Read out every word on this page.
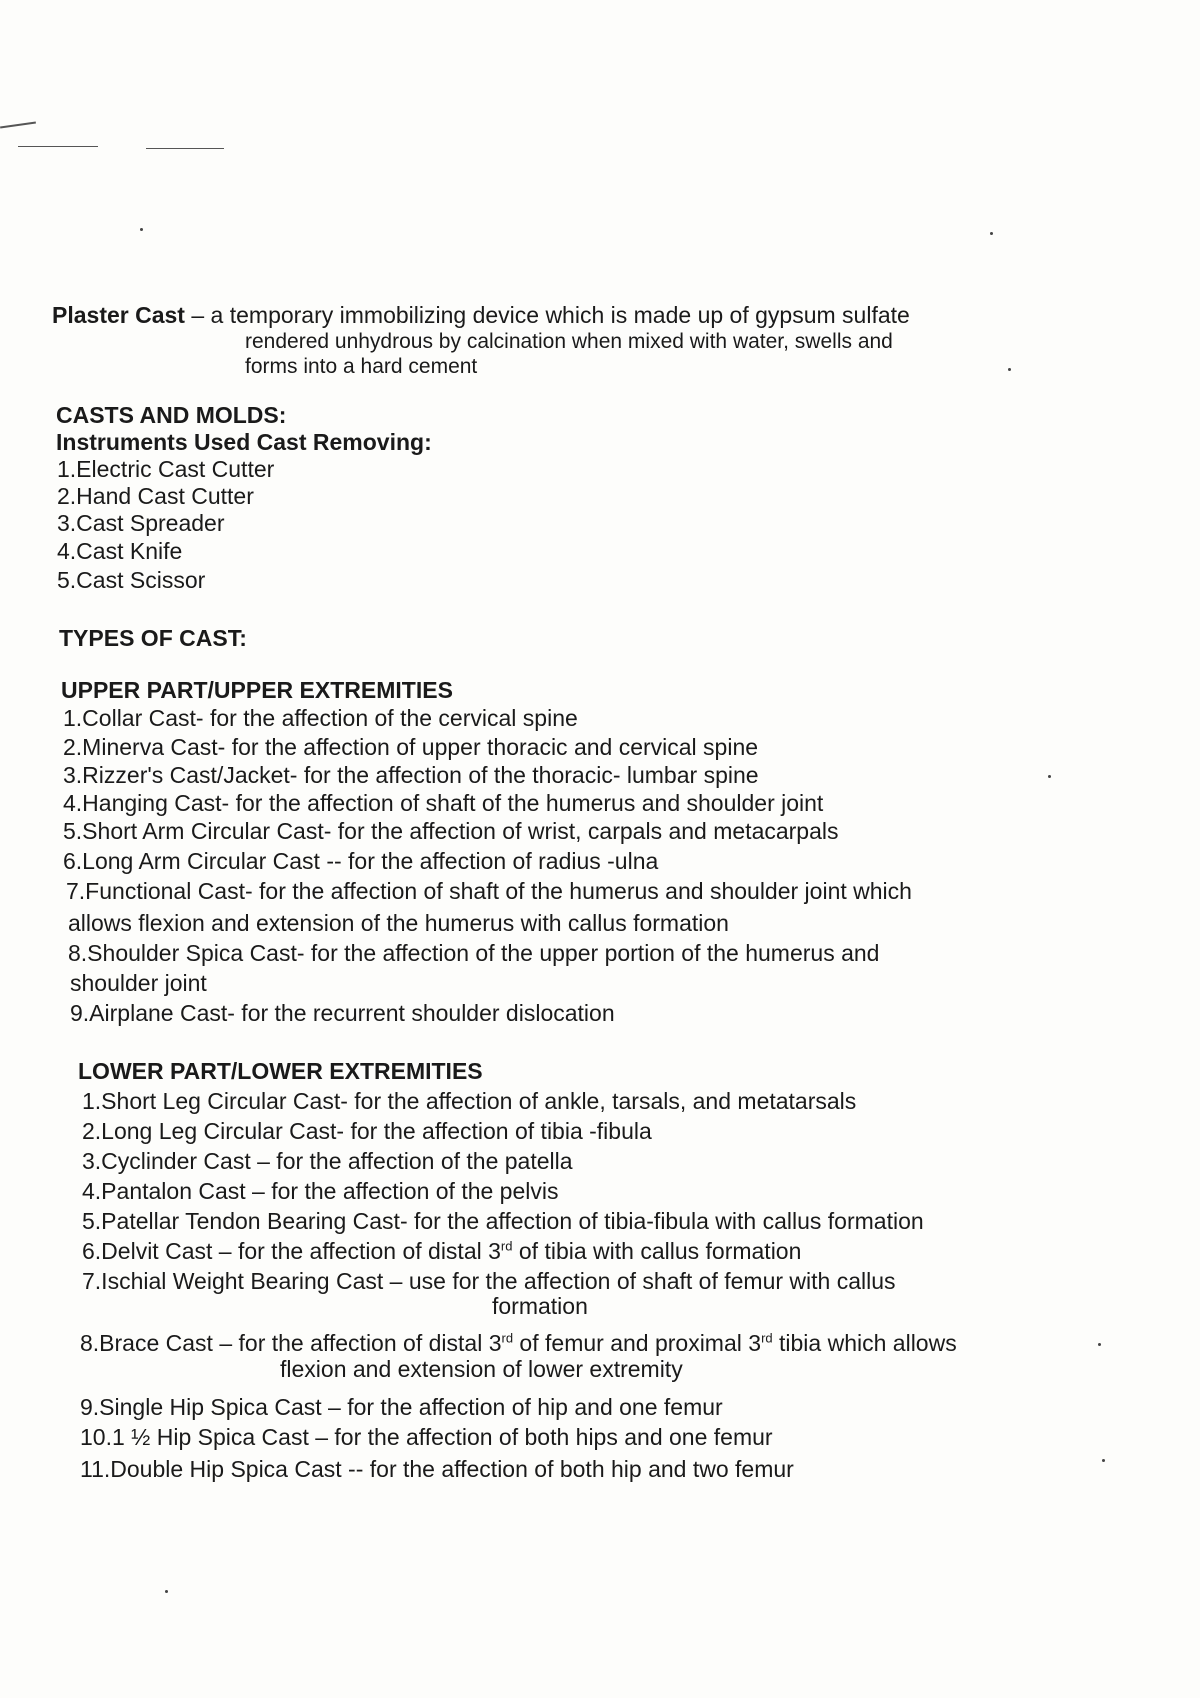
Plaster Cast – a temporary immobilizing device which is made up of gypsum sulfate
rendered unhydrous by calcination when mixed with water, swells and
forms into a hard cement
CASTS AND MOLDS:
Instruments Used Cast Removing:
1.Electric Cast Cutter
2.Hand Cast Cutter
3.Cast Spreader
4.Cast Knife
5.Cast Scissor
TYPES OF CAST:
UPPER PART/UPPER EXTREMITIES
1.Collar Cast- for the affection of the cervical spine
2.Minerva Cast- for the affection of upper thoracic and cervical spine
3.Rizzer's Cast/Jacket- for the affection of the thoracic- lumbar spine
4.Hanging Cast- for the affection of shaft of the humerus and shoulder joint
5.Short Arm Circular Cast- for the affection of wrist, carpals and metacarpals
6.Long Arm Circular Cast -- for the affection of radius -ulna
7.Functional Cast- for the affection of shaft of the humerus and shoulder joint which
allows flexion and extension of the humerus with callus formation
8.Shoulder Spica Cast- for the affection of the upper portion of the humerus and
shoulder joint
9.Airplane Cast- for the recurrent shoulder dislocation
LOWER PART/LOWER EXTREMITIES
1.Short Leg Circular Cast- for the affection of ankle, tarsals, and metatarsals
2.Long Leg Circular Cast- for the affection of tibia -fibula
3.Cyclinder Cast – for the affection of the patella
4.Pantalon Cast – for the affection of the pelvis
5.Patellar Tendon Bearing Cast- for the affection of tibia-fibula with callus formation
6.Delvit Cast – for the affection of distal 3rd of tibia with callus formation
7.Ischial Weight Bearing Cast – use for the affection of shaft of femur with callus
formation
8.Brace Cast – for the affection of distal 3rd of femur and proximal 3rd tibia which allows
flexion and extension of lower extremity
9.Single Hip Spica Cast – for the affection of hip and one femur
10.1 ½ Hip Spica Cast – for the affection of both hips and one femur
11.Double Hip Spica Cast -- for the affection of both hip and two femur
